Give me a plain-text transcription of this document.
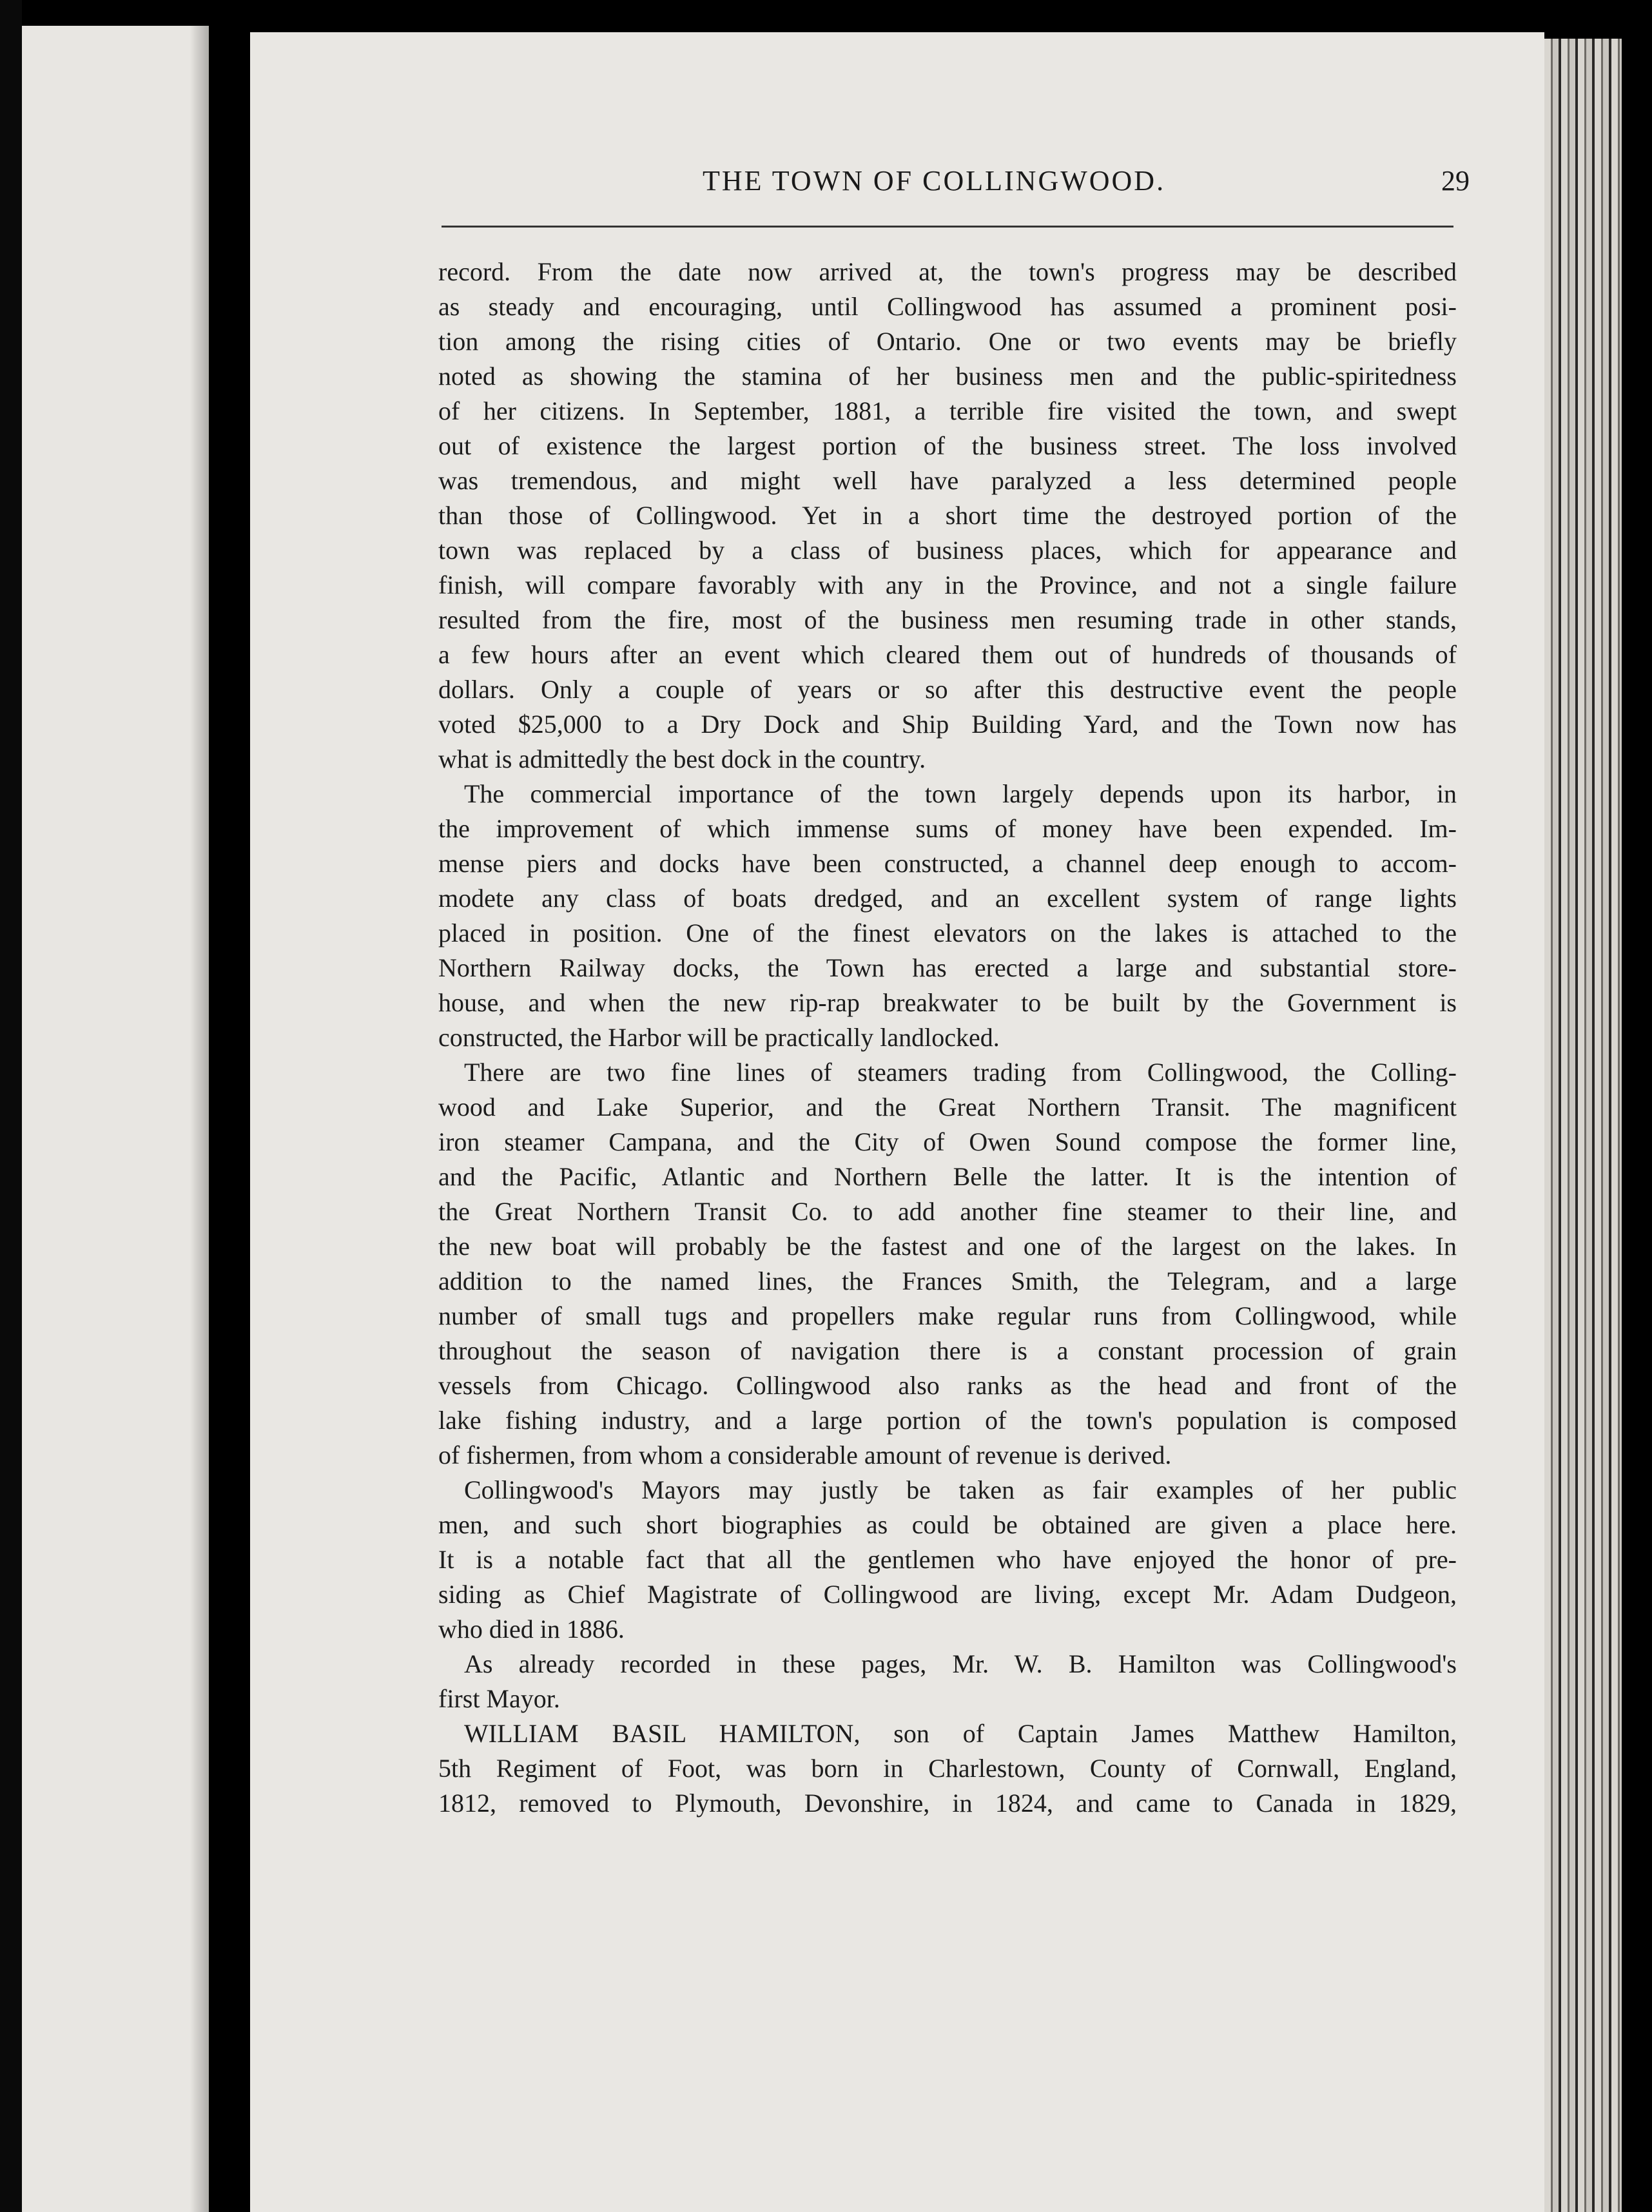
THE TOWN OF COLLINGWOOD.	29
record. From the date now arrived at, the town's progress may be described
as steady and encouraging, until Collingwood has assumed a prominent posi-
tion among the rising cities of Ontario. One or two events may be briefly
noted as showing the stamina of her business men and the public-spiritedness
of her citizens. In September, 1881, a terrible fire visited the town, and swept
out of existence the largest portion of the business street. The loss involved
was tremendous, and might well have paralyzed a less determined people
than those of Collingwood. Yet in a short time the destroyed portion of the
town was replaced by a class of business places, which for appearance and
finish, will compare favorably with any in the Province, and not a single failure
resulted from the fire, most of the business men resuming trade in other stands,
a few hours after an event which cleared them out of hundreds of thousands of
dollars. Only a couple of years or so after this destructive event the people
voted $25,000 to a Dry Dock and Ship Building Yard, and the Town now has
what is admittedly the best dock in the country.
The commercial importance of the town largely depends upon its harbor, in
the improvement of which immense sums of money have been expended. Im-
mense piers and docks have been constructed, a channel deep enough to accom-
modete any class of boats dredged, and an excellent system of range lights
placed in position. One of the finest elevators on the lakes is attached to the
Northern Railway docks, the Town has erected a large and substantial store-
house, and when the new rip-rap breakwater to be built by the Government is
constructed, the Harbor will be practically landlocked.
There are two fine lines of steamers trading from Collingwood, the Colling-
wood and Lake Superior, and the Great Northern Transit. The magnificent
iron steamer Campana, and the City of Owen Sound compose the former line,
and the Pacific, Atlantic and Northern Belle the latter. It is the intention of
the Great Northern Transit Co. to add another fine steamer to their line, and
the new boat will probably be the fastest and one of the largest on the lakes. In
addition to the named lines, the Frances Smith, the Telegram, and a large
number of small tugs and propellers make regular runs from Collingwood, while
throughout the season of navigation there is a constant procession of grain
vessels from Chicago. Collingwood also ranks as the head and front of the
lake fishing industry, and a large portion of the town's population is composed
of fishermen, from whom a considerable amount of revenue is derived.
Collingwood's Mayors may justly be taken as fair examples of her public
men, and such short biographies as could be obtained are given a place here.
It is a notable fact that all the gentlemen who have enjoyed the honor of pre-
siding as Chief Magistrate of Collingwood are living, except Mr. Adam Dudgeon,
who died in 1886.
As already recorded in these pages, Mr. W. B. Hamilton was Collingwood's
first Mayor.
WILLIAM BASIL HAMILTON, son of Captain James Matthew Hamilton,
5th Regiment of Foot, was born in Charlestown, County of Cornwall, England,
1812, removed to Plymouth, Devonshire, in 1824, and came to Canada in 1829,
